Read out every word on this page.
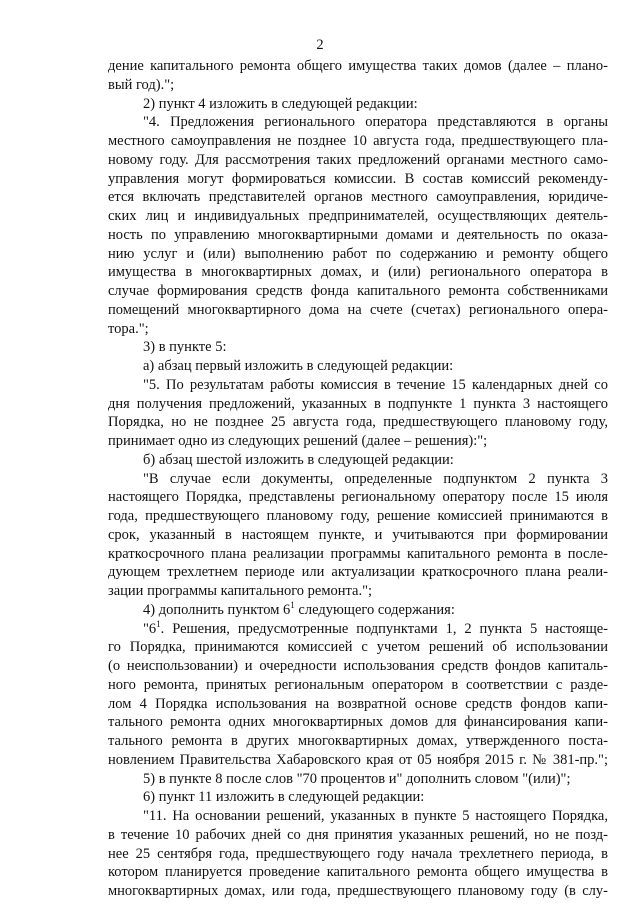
2
дение капитального ремонта общего имущества таких домов (далее – плано-
вый год).";
2) пункт 4 изложить в следующей редакции:
"4. Предложения регионального оператора представляются в органы
местного самоуправления не позднее 10 августа года, предшествующего пла-
новому году. Для рассмотрения таких предложений органами местного само-
управления могут формироваться комиссии. В состав комиссий рекоменду-
ется включать представителей органов местного самоуправления, юридиче-
ских лиц и индивидуальных предпринимателей, осуществляющих деятель-
ность по управлению многоквартирными домами и деятельность по оказа-
нию услуг и (или) выполнению работ по содержанию и ремонту общего
имущества в многоквартирных домах, и (или) регионального оператора в
случае формирования средств фонда капитального ремонта собственниками
помещений многоквартирного дома на счете (счетах) регионального опера-
тора.";
3) в пункте 5:
а) абзац первый изложить в следующей редакции:
"5. По результатам работы комиссия в течение 15 календарных дней со
дня получения предложений, указанных в подпункте 1 пункта 3 настоящего
Порядка, но не позднее 25 августа года, предшествующего плановому году,
принимает одно из следующих решений (далее – решения):";
б) абзац шестой изложить в следующей редакции:
"В случае если документы, определенные подпунктом 2 пункта 3
настоящего Порядка, представлены региональному оператору после 15 июля
года, предшествующего плановому году, решение комиссией принимаются в
срок, указанный в настоящем пункте, и учитываются при формировании
краткосрочного плана реализации программы капитального ремонта в после-
дующем трехлетнем периоде или актуализации краткосрочного плана реали-
зации программы капитального ремонта.";
4) дополнить пунктом $6^1$ следующего содержания:
"$6^1$. Решения, предусмотренные подпунктами 1, 2 пункта 5 настояще-
го Порядка, принимаются комиссией с учетом решений об использовании
(о неиспользовании) и очередности использования средств фондов капиталь-
ного ремонта, принятых региональным оператором в соответствии с разде-
лом 4 Порядка использования на возвратной основе средств фондов капи-
тального ремонта одних многоквартирных домов для финансирования капи-
тального ремонта в других многоквартирных домах, утвержденного поста-
новлением Правительства Хабаровского края от 05 ноября 2015 г. № 381-пр.";
5) в пункте 8 после слов "70 процентов и" дополнить словом "(или)";
6) пункт 11 изложить в следующей редакции:
"11. На основании решений, указанных в пункте 5 настоящего Порядка,
в течение 10 рабочих дней со дня принятия указанных решений, но не позд-
нее 25 сентября года, предшествующего году начала трехлетнего периода, в
котором планируется проведение капитального ремонта общего имущества в
многоквартирных домах, или года, предшествующего плановому году (в слу-
